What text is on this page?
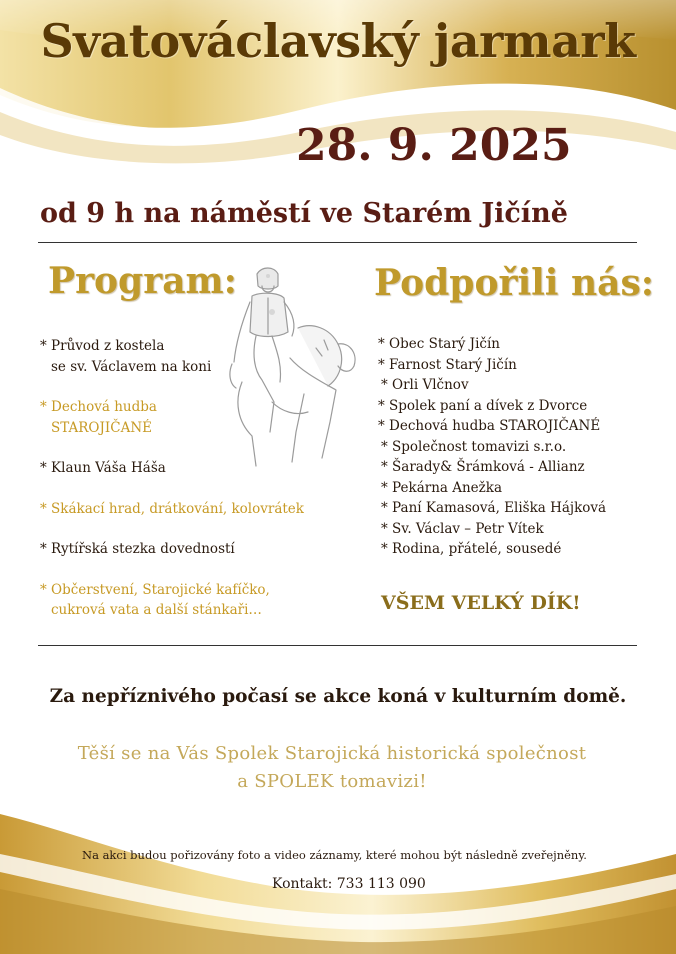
Svatováclavský jarmark
28. 9. 2025
od 9 h na náměstí ve Starém Jičíně
Program:	Podpořili nás:
* Průvod z kostela
se sv. Václavem na koni
* Dechová hudba
STAROJIČANÉ
* Klaun Váša Háša
* Skákací hrad, drátkování, kolovrátek
* Rytířská stezka dovedností
* Občerstvení, Starojické kafíčko,
cukrová vata a další stánkaři…
* Obec Starý Jičín
* Farnost Starý Jičín
* Orli Vlčnov
* Spolek paní a dívek z Dvorce
* Dechová hudba STAROJIČANÉ
* Společnost tomavizi s.r.o.
* Šarady& Šrámková - Allianz
* Pekárna Anežka
* Paní Kamasová, Eliška Hájková
* Sv. Václav – Petr Vítek
* Rodina, přátelé, sousedé
VŠEM VELKÝ DÍK!
Za nepříznivého počasí se akce koná v kulturním domě.
Těší se na Vás Spolek Starojická historická společnost
a SPOLEK tomavizi!
Na akci budou pořizovány foto a video záznamy, které mohou být následně zveřejněny.
Kontakt: 733 113 090
